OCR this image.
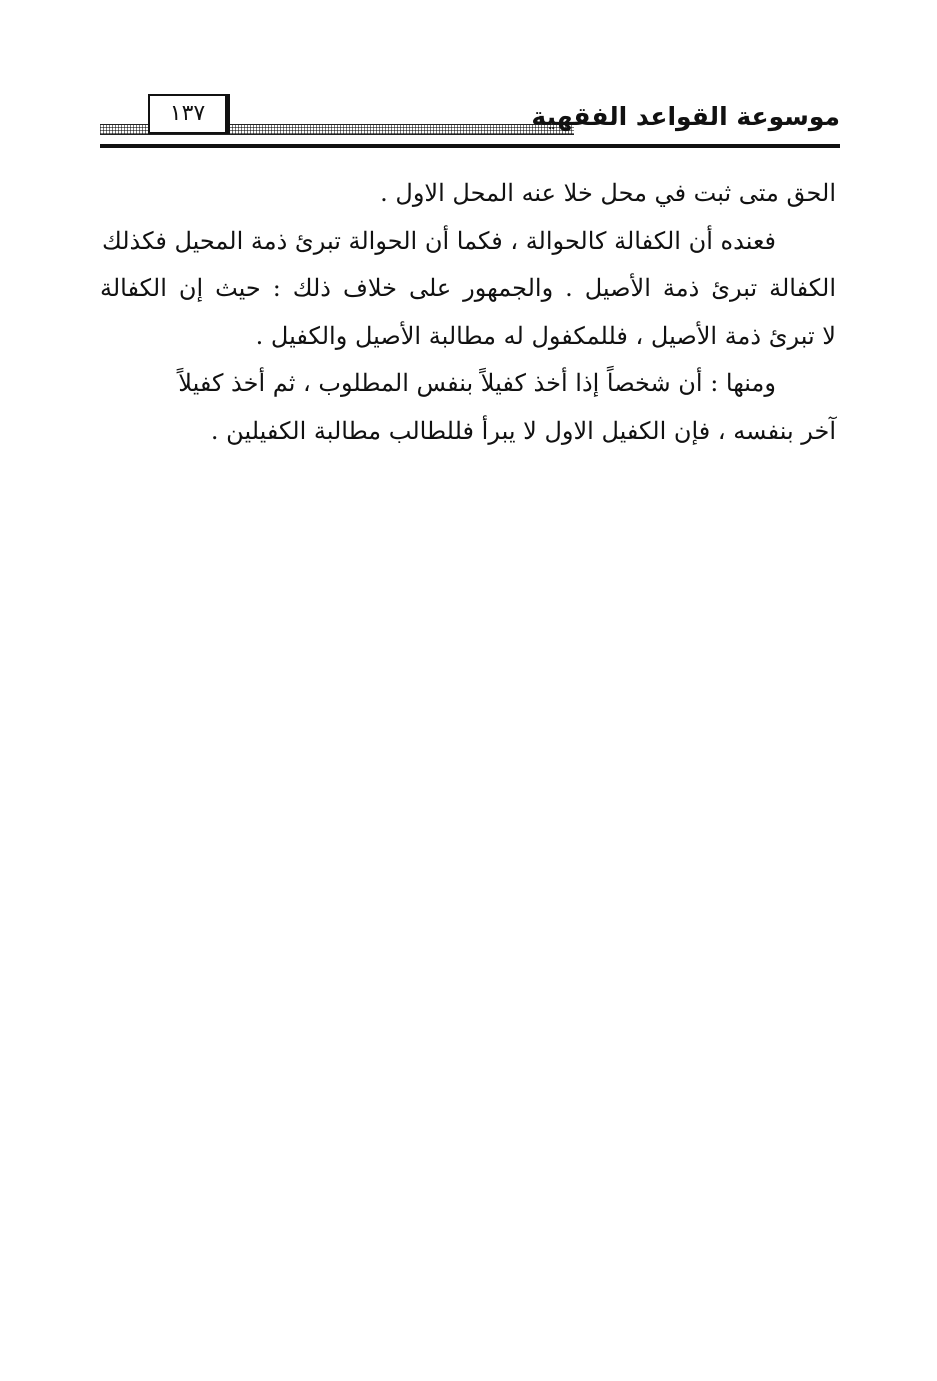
١٣٧	موسوعة القواعد الفقهية
الحق متى ثبت في محل خلا عنه المحل الاول .
فعنده أن الكفالة كالحوالة ، فكما أن الحوالة تبرئ ذمة المحيل فكذلك
الكفالة تبرئ ذمة الأصيل . والجمهور على خلاف ذلك : حيث إن الكفالة
لا تبرئ ذمة الأصيل ، فللمكفول له مطالبة الأصيل والكفيل .
ومنها : أن شخصاً إذا أخذ كفيلاً بنفس المطلوب ، ثم أخذ كفيلاً
آخر بنفسه ، فإن الكفيل الاول لا يبرأ فللطالب مطالبة الكفيلين .
